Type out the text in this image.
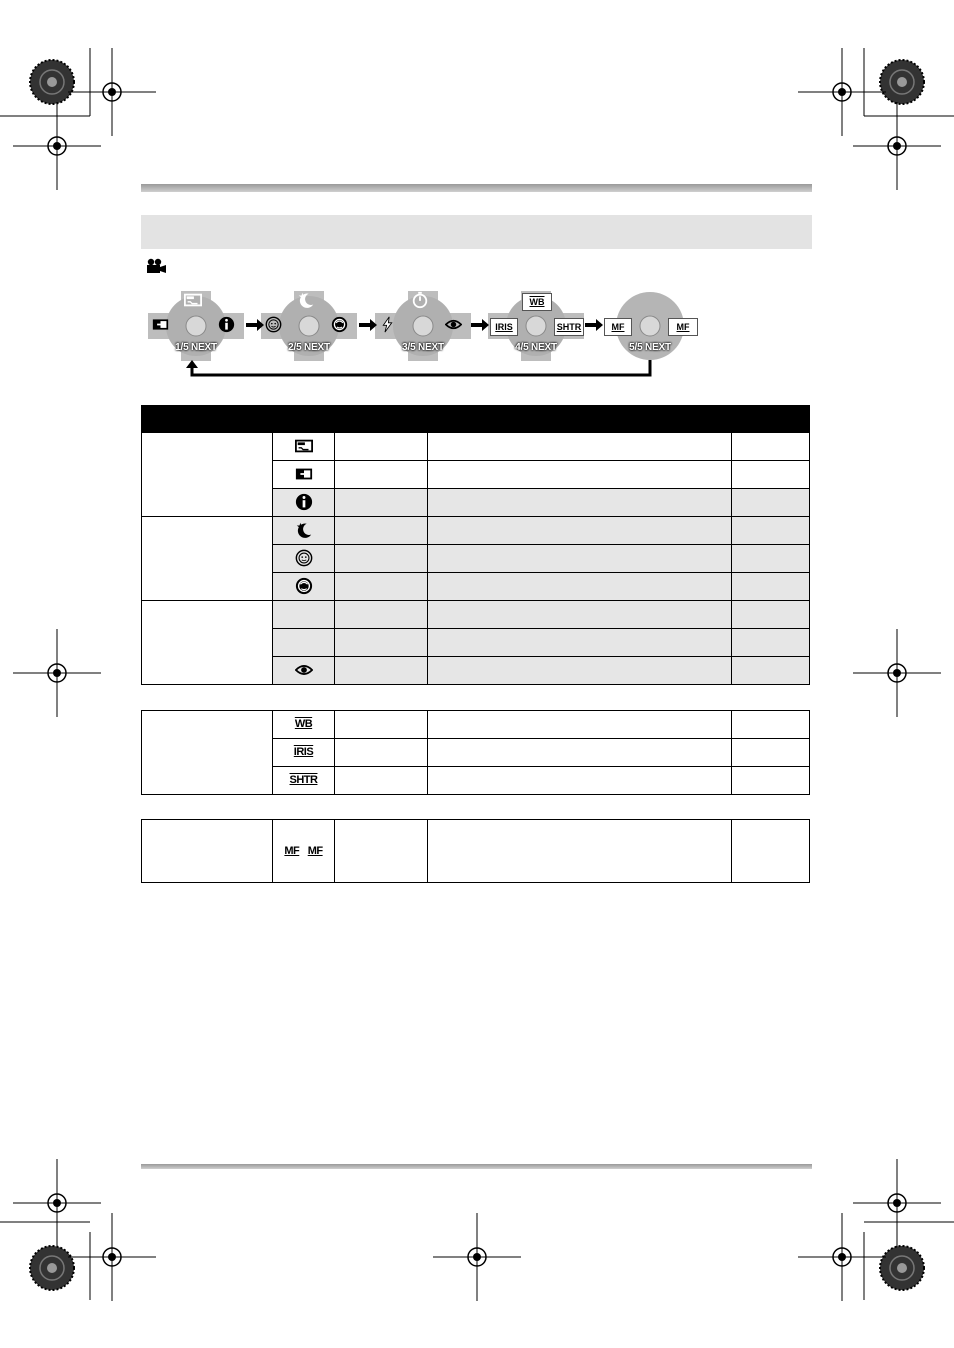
1/5 NEXT	2/5 NEXT	3/5 NEXT
WB
IRIS	SHTR
4/5 NEXT
MF	MF
5/5 NEXT

	WB			
	IRIS			
	SHTR			
	MF MF			
